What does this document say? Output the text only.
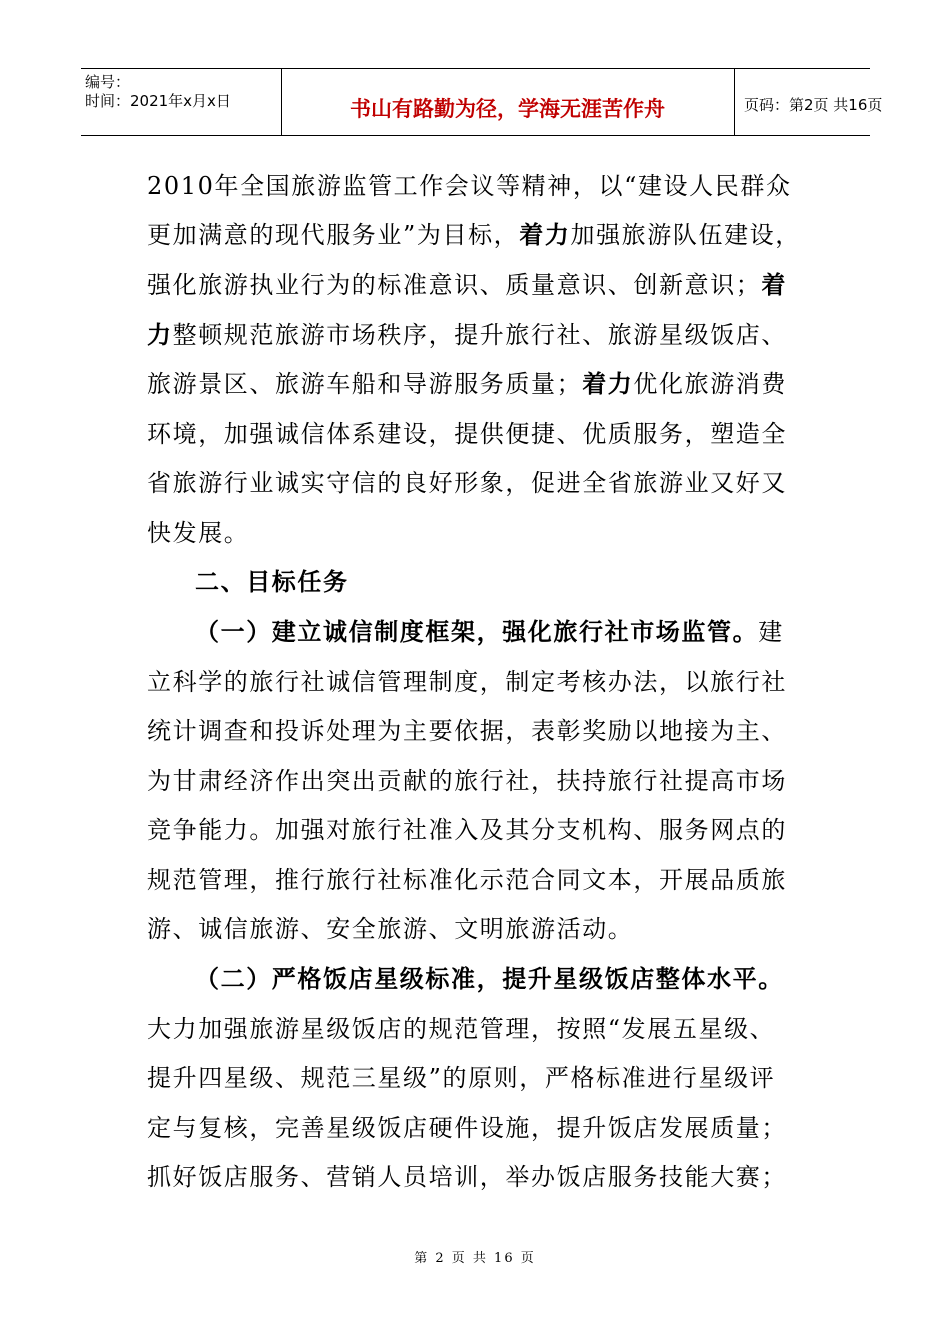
编号：
时间：2021年x月x日	书山有路勤为径，学海无涯苦作舟	页码：第2页 共16页
2010年全国旅游监管工作会议等精神，以“建设人民群众
更加满意的现代服务业”为目标，着力加强旅游队伍建设，
强化旅游执业行为的标准意识、质量意识、创新意识；着
力整顿规范旅游市场秩序，提升旅行社、旅游星级饭店、
旅游景区、旅游车船和导游服务质量；着力优化旅游消费
环境，加强诚信体系建设，提供便捷、优质服务，塑造全
省旅游行业诚实守信的良好形象，促进全省旅游业又好又
快发展。
二、目标任务
（一）建立诚信制度框架，强化旅行社市场监管。建
立科学的旅行社诚信管理制度，制定考核办法，以旅行社
统计调查和投诉处理为主要依据，表彰奖励以地接为主、
为甘肃经济作出突出贡献的旅行社，扶持旅行社提高市场
竞争能力。加强对旅行社准入及其分支机构、服务网点的
规范管理，推行旅行社标准化示范合同文本，开展品质旅
游、诚信旅游、安全旅游、文明旅游活动。
（二）严格饭店星级标准，提升星级饭店整体水平。
大力加强旅游星级饭店的规范管理，按照“发展五星级、
提升四星级、规范三星级”的原则，严格标准进行星级评
定与复核，完善星级饭店硬件设施，提升饭店发展质量；
抓好饭店服务、营销人员培训，举办饭店服务技能大赛；
第 2 页 共 16 页
